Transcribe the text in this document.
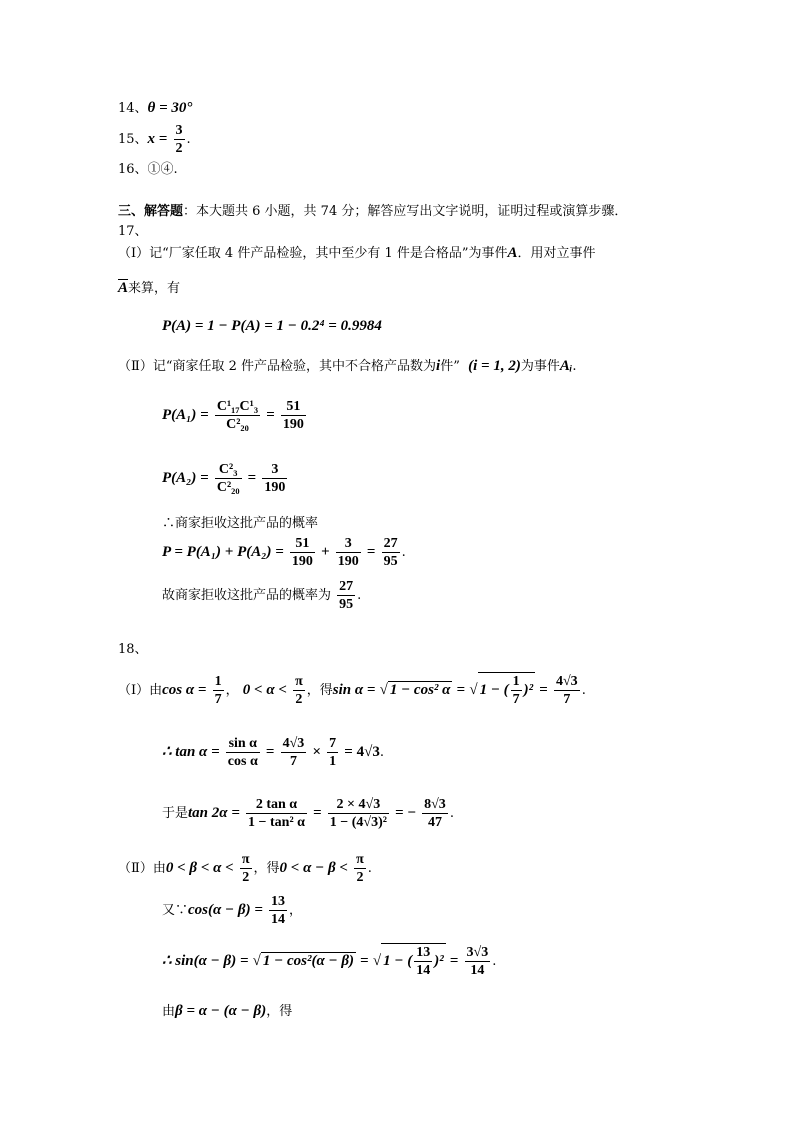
14、θ = 30°
15、$x = \frac{3}{2}$ .
16、①④.
三、解答题：本大题共 6 小题，共 74 分；解答应写出文字说明，证明过程或演算步骤．
17、
（Ⅰ）记“厂家任取 4 件产品检验，其中至少有 1 件是合格品”为事件A．用对立事件
$\overline{A}$来算，有
P(A) = 1 − P(A) = 1 − 0.2⁴ = 0.9984
（Ⅱ）记“商家任取 2 件产品检验，其中不合格产品数为i件” (i = 1, 2)为事件Aᵢ.
$P(A_1) = \frac{\text{C¹₁₇C¹₃}}{\text{C²₂₀}} = \frac{51}{190}$
$P(A_2) = \frac{\text{C²₃}}{\text{C²₂₀}} = \frac{3}{190}$
∴商家拒收这批产品的概率
$P = P(A_1) + P(A_2) = \frac{51}{190} + \frac{3}{190} = \frac{27}{95}$ .
故商家拒收这批产品的概率为 $\frac{27}{95}$ .
18、
（Ⅰ）由$\cos \alpha = \frac{1}{7}$ ， $0 < \alpha < \frac{\pi}{2}$ ，得sin α = √ 1 − cos² α = √ 1 − ( $\frac{1}{7} )^2 = \frac{4√3}{7}$ .
∴ $\tan \alpha = \frac{\text{sin α}}{\text{cos α}} = \frac{4√3}{7} \times \frac{7}{1} = 4√3$.
于是$\tan 2\alpha = \frac{\text{2 tan α}}{\text{1 − tan² α}} = \frac{2 \times 4√3}{\text{1 − (4√3)²}}$ = − $\frac{8√3}{47}$ .
（Ⅱ）由$0 < \beta < \alpha < \frac{\pi}{2}$ ，得$0 < \alpha - \beta < \frac{\pi}{2}$ .
又∵cos(α − $\beta) = \frac{13}{14}$ ，
∴ sin(α − β) = √ 1 − cos²(α − β) = √ 1 − ( $\frac{13}{14} )^2 = \frac{3√3}{14}$ .
由β = α − (α − β)，得
